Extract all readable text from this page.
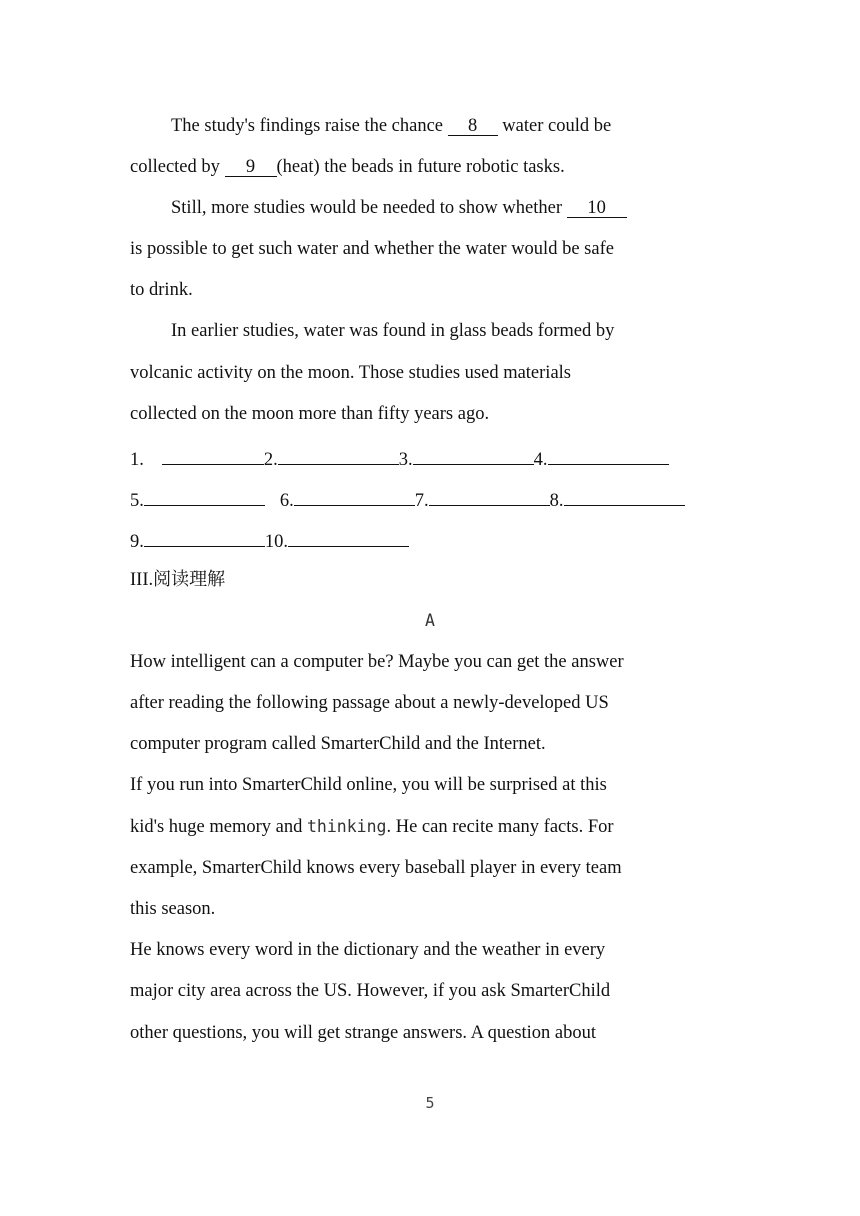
The study's findings raise the chance 8 water could be
collected by 9 (heat) the beads in future robotic tasks.
Still, more studies would be needed to show whether 10
is possible to get such water and whether the water would be safe
to drink.
In earlier studies, water was found in glass beads formed by
volcanic activity on the moon. Those studies used materials
collected on the moon more than fifty years ago.
1.	2.	3.	4.
5.	6.	7.	8.
9.	10.
III.阅读理解
A
How intelligent can a computer be? Maybe you can get the answer
after reading the following passage about a newly-developed US
computer program called SmarterChild and the Internet.
If you run into SmarterChild online, you will be surprised at this
kid's huge memory and thinking. He can recite many facts. For
example, SmarterChild knows every baseball player in every team
this season.
He knows every word in the dictionary and the weather in every
major city area across the US. However, if you ask SmarterChild
other questions, you will get strange answers. A question about
5
